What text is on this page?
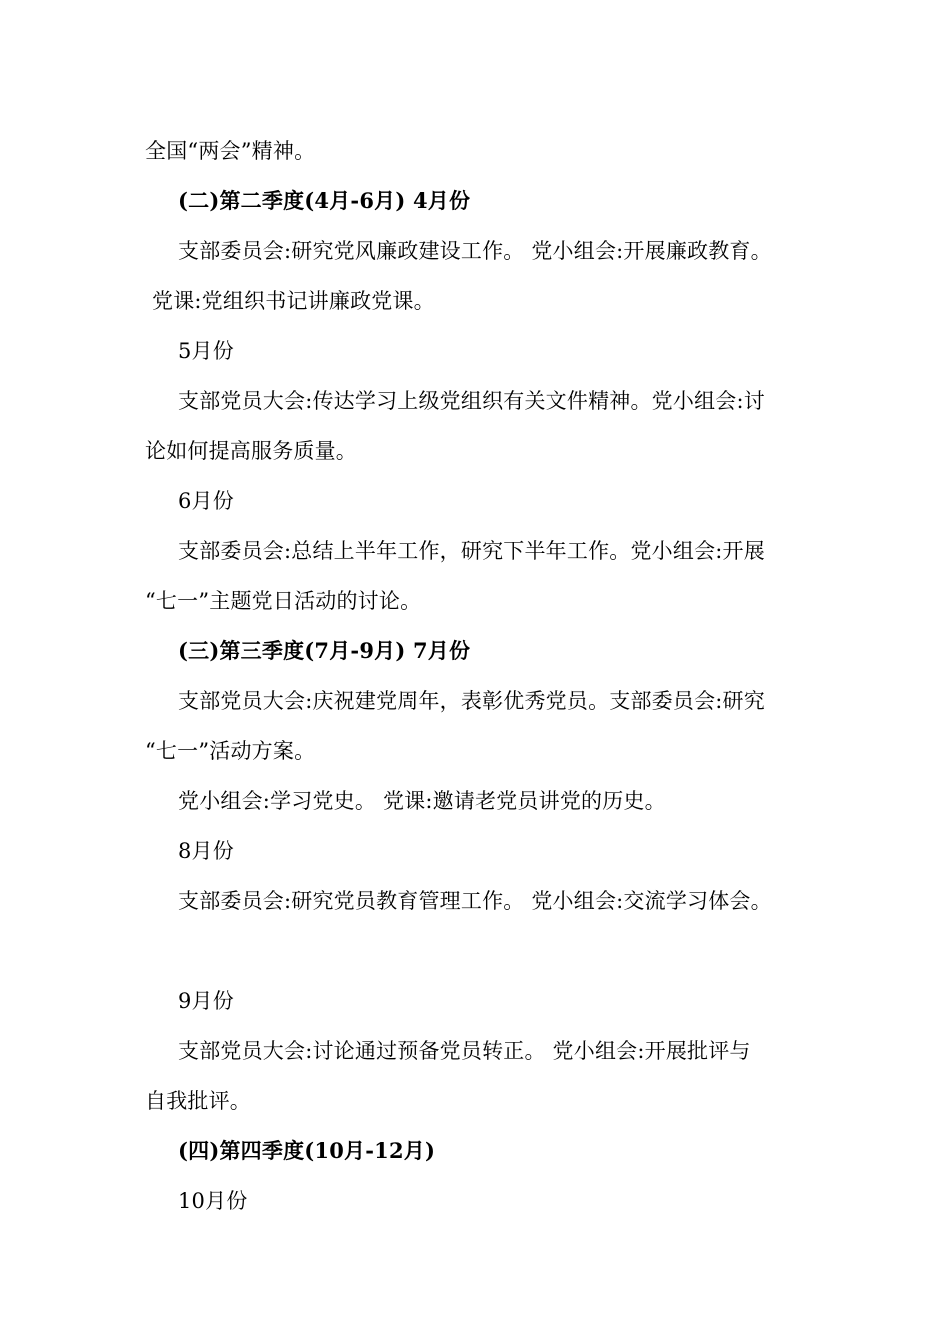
全国“两会”精神。
(二)第二季度(4月-6月) 4月份
支部委员会:研究党风廉政建设工作。 党小组会:开展廉政教育。
党课:党组织书记讲廉政党课。
5月份
支部党员大会:传达学习上级党组织有关文件精神。党小组会:讨
论如何提高服务质量。
6月份
支部委员会:总结上半年工作，研究下半年工作。党小组会:开展
“七一”主题党日活动的讨论。
(三)第三季度(7月-9月) 7月份
支部党员大会:庆祝建党周年，表彰优秀党员。支部委员会:研究
“七一”活动方案。
党小组会:学习党史。 党课:邀请老党员讲党的历史。
8月份
支部委员会:研究党员教育管理工作。 党小组会:交流学习体会。
9月份
支部党员大会:讨论通过预备党员转正。 党小组会:开展批评与
自我批评。
(四)第四季度(10月-12月)
10月份
